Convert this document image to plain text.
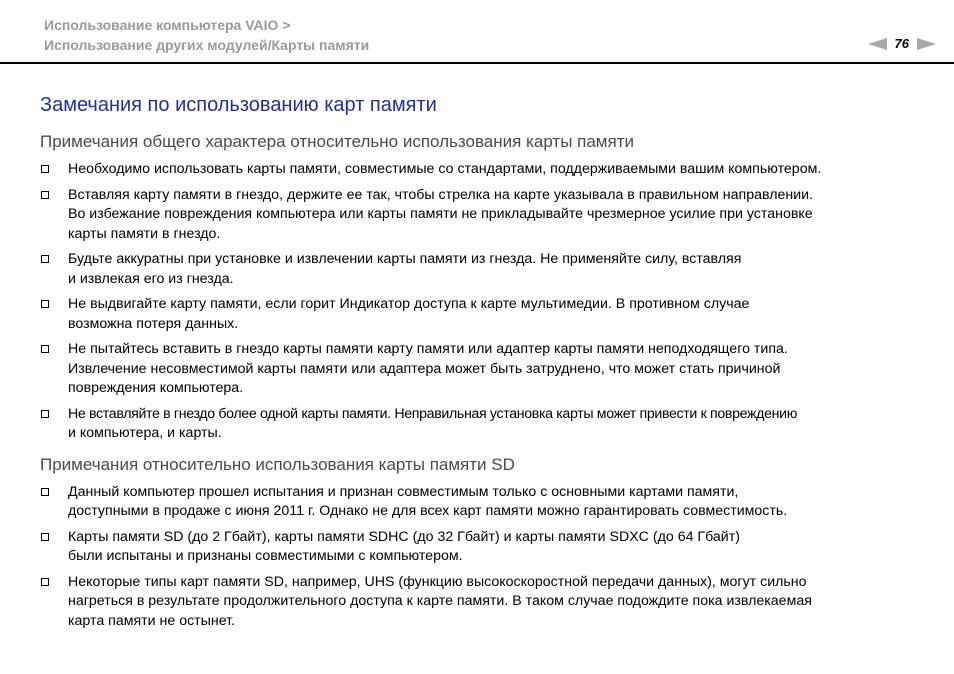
Использование компьютера VAIO >
Использование других модулей/Карты памяти	76
Замечания по использованию карт памяти
Примечания общего характера относительно использования карты памяти
Необходимо использовать карты памяти, совместимые со стандартами, поддерживаемыми вашим компьютером.
Вставляя карту памяти в гнездо, держите ее так, чтобы стрелка на карте указывала в правильном направлении.
Во избежание повреждения компьютера или карты памяти не прикладывайте чрезмерное усилие при установке
карты памяти в гнездо.
Будьте аккуратны при установке и извлечении карты памяти из гнезда. Не применяйте силу, вставляя
и извлекая его из гнезда.
Не выдвигайте карту памяти, если горит Индикатор доступа к карте мультимедии. В противном случае
возможна потеря данных.
Не пытайтесь вставить в гнездо карты памяти карту памяти или адаптер карты памяти неподходящего типа.
Извлечение несовместимой карты памяти или адаптера может быть затруднено, что может стать причиной
повреждения компьютера.
Не вставляйте в гнездо более одной карты памяти. Неправильная установка карты может привести к повреждению
и компьютера, и карты.
Примечания относительно использования карты памяти SD
Данный компьютер прошел испытания и признан совместимым только с основными картами памяти,
доступными в продаже с июня 2011 г. Однако не для всех карт памяти можно гарантировать совместимость.
Карты памяти SD (до 2 Гбайт), карты памяти SDHC (до 32 Гбайт) и карты памяти SDXC (до 64 Гбайт)
были испытаны и признаны совместимыми с компьютером.
Некоторые типы карт памяти SD, например, UHS (функцию высокоскоростной передачи данных), могут сильно
нагреться в результате продолжительного доступа к карте памяти. В таком случае подождите пока извлекаемая
карта памяти не остынет.
